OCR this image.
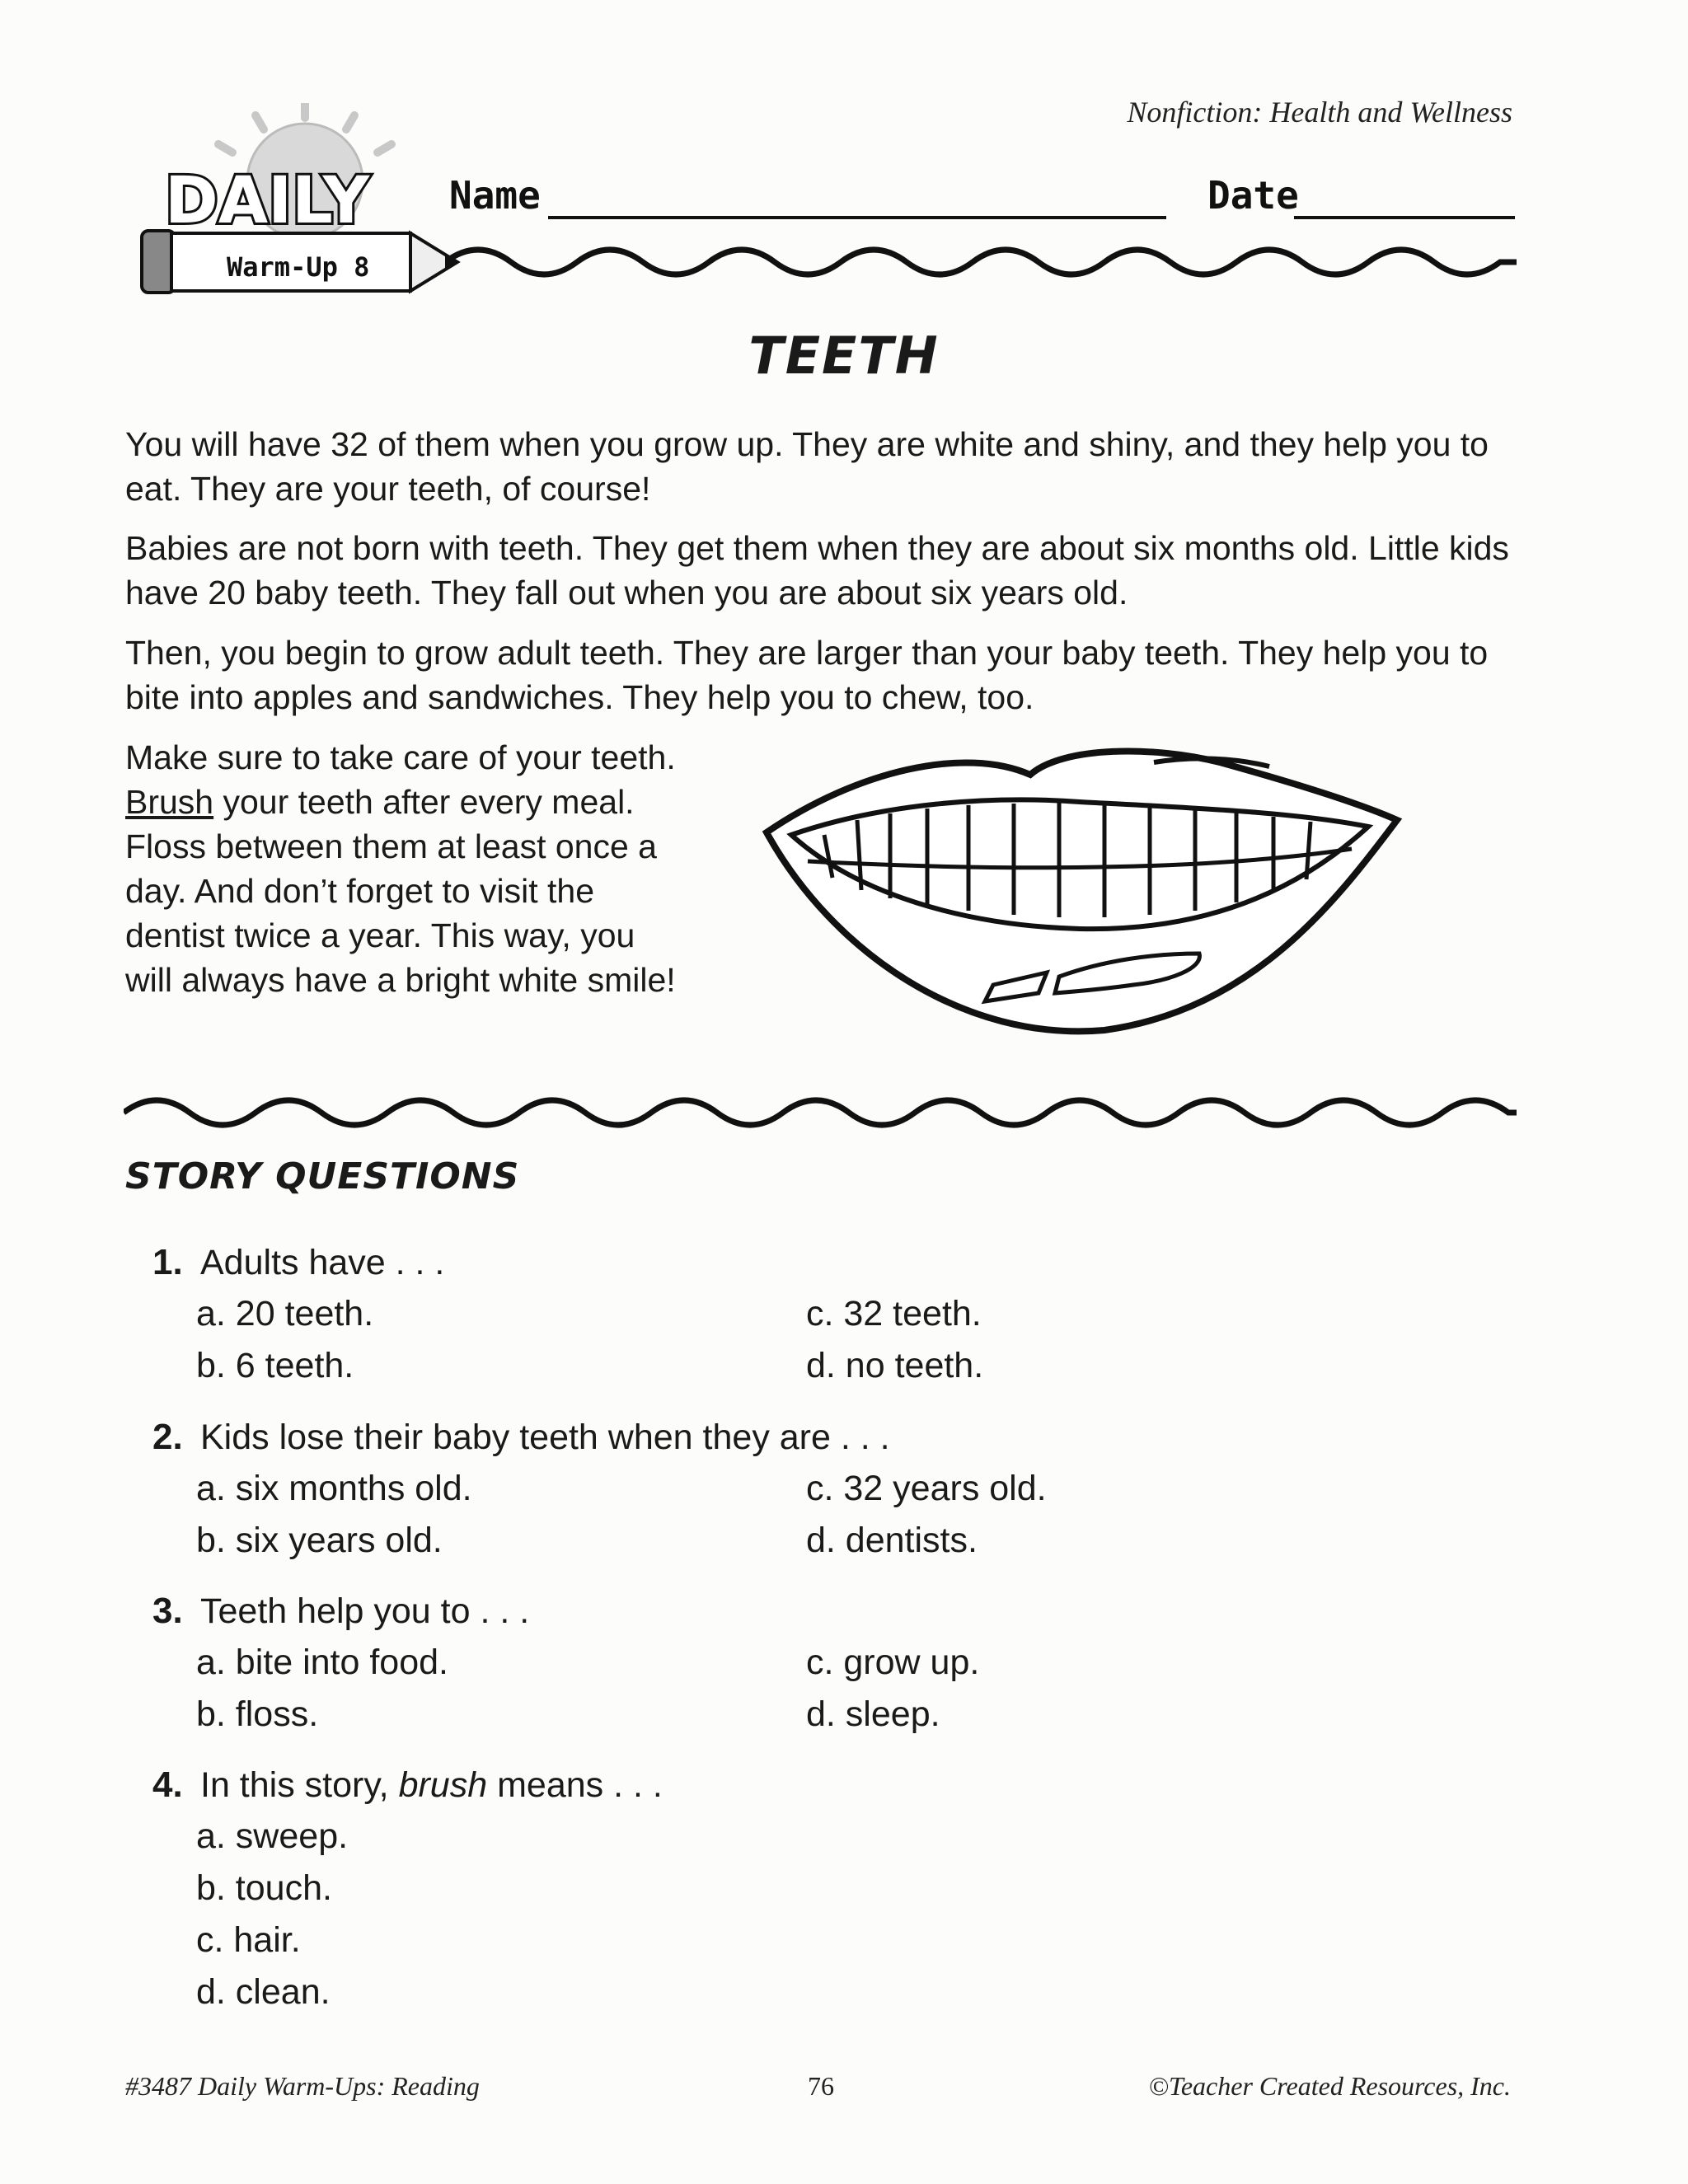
Nonfiction: Health and Wellness
DAILY
Warm-Up 8
Name	Date
TEETH

You will have 32 of them when you grow up. They are white and shiny, and they help you to eat. They are your teeth, of course!

Babies are not born with teeth. They get them when they are about six months old. Little kids have 20 baby teeth. They fall out when you are about six years old.

Then, you begin to grow adult teeth. They are larger than your baby teeth. They help you to bite into apples and sandwiches. They help you to chew, too.

Make sure to take care of your teeth. Brush your teeth after every meal. Floss between them at least once a day. And don’t forget to visit the dentist twice a year. This way, you will always have a bright white smile!

STORY QUESTIONS
1. Adults have . . .
a. 20 teeth.
b. 6 teeth.
c. 32 teeth.
d. no teeth.
2. Kids lose their baby teeth when they are . . .
a. six months old.
b. six years old.
c. 32 years old.
d. dentists.
3. Teeth help you to . . .
a. bite into food.
b. floss.
c. grow up.
d. sleep.
4. In this story, brush means . . .
a. sweep.
b. touch.
c. hair.
d. clean.
#3487 Daily Warm-Ups: Reading	76	©Teacher Created Resources, Inc.
